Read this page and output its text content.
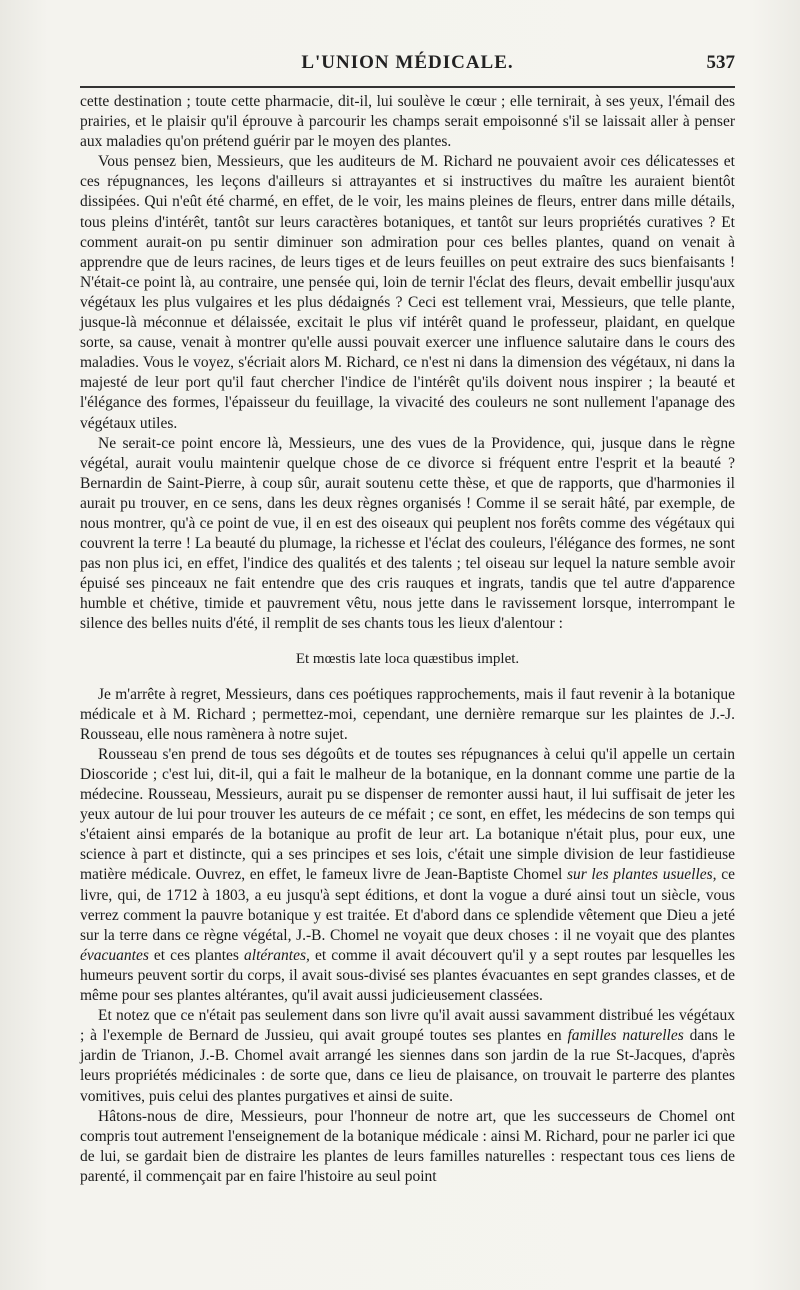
L'UNION MÉDICALE.	537

cette destination ; toute cette pharmacie, dit-il, lui soulève le cœur ; elle ternirait, à ses yeux, l'émail des prairies, et le plaisir qu'il éprouve à parcourir les champs serait empoisonné s'il se laissait aller à penser aux maladies qu'on prétend guérir par le moyen des plantes.

Vous pensez bien, Messieurs, que les auditeurs de M. Richard ne pouvaient avoir ces délicatesses et ces répugnances, les leçons d'ailleurs si attrayantes et si instructives du maître les auraient bientôt dissipées. Qui n'eût été charmé, en effet, de le voir, les mains pleines de fleurs, entrer dans mille détails, tous pleins d'intérêt, tantôt sur leurs caractères botaniques, et tantôt sur leurs propriétés curatives ? Et comment aurait-on pu sentir diminuer son admiration pour ces belles plantes, quand on venait à apprendre que de leurs racines, de leurs tiges et de leurs feuilles on peut extraire des sucs bienfaisants ! N'était-ce point là, au contraire, une pensée qui, loin de ternir l'éclat des fleurs, devait embellir jusqu'aux végétaux les plus vulgaires et les plus dédaignés ? Ceci est tellement vrai, Messieurs, que telle plante, jusque-là méconnue et délaissée, excitait le plus vif intérêt quand le professeur, plaidant, en quelque sorte, sa cause, venait à montrer qu'elle aussi pouvait exercer une influence salutaire dans le cours des maladies. Vous le voyez, s'écriait alors M. Richard, ce n'est ni dans la dimension des végétaux, ni dans la majesté de leur port qu'il faut chercher l'indice de l'intérêt qu'ils doivent nous inspirer ; la beauté et l'élégance des formes, l'épaisseur du feuillage, la vivacité des couleurs ne sont nullement l'apanage des végétaux utiles.

Ne serait-ce point encore là, Messieurs, une des vues de la Providence, qui, jusque dans le règne végétal, aurait voulu maintenir quelque chose de ce divorce si fréquent entre l'esprit et la beauté ? Bernardin de Saint-Pierre, à coup sûr, aurait soutenu cette thèse, et que de rapports, que d'harmonies il aurait pu trouver, en ce sens, dans les deux règnes organisés ! Comme il se serait hâté, par exemple, de nous montrer, qu'à ce point de vue, il en est des oiseaux qui peuplent nos forêts comme des végétaux qui couvrent la terre ! La beauté du plumage, la richesse et l'éclat des couleurs, l'élégance des formes, ne sont pas non plus ici, en effet, l'indice des qualités et des talents ; tel oiseau sur lequel la nature semble avoir épuisé ses pinceaux ne fait entendre que des cris rauques et ingrats, tandis que tel autre d'apparence humble et chétive, timide et pauvrement vêtu, nous jette dans le ravissement lorsque, interrompant le silence des belles nuits d'été, il remplit de ses chants tous les lieux d'alentour :

Et mœstis late loca quæstibus implet.

Je m'arrête à regret, Messieurs, dans ces poétiques rapprochements, mais il faut revenir à la botanique médicale et à M. Richard ; permettez-moi, cependant, une dernière remarque sur les plaintes de J.-J. Rousseau, elle nous ramènera à notre sujet.

Rousseau s'en prend de tous ses dégoûts et de toutes ses répugnances à celui qu'il appelle un certain Dioscoride ; c'est lui, dit-il, qui a fait le malheur de la botanique, en la donnant comme une partie de la médecine. Rousseau, Messieurs, aurait pu se dispenser de remonter aussi haut, il lui suffisait de jeter les yeux autour de lui pour trouver les auteurs de ce méfait ; ce sont, en effet, les médecins de son temps qui s'étaient ainsi emparés de la botanique au profit de leur art. La botanique n'était plus, pour eux, une science à part et distincte, qui a ses principes et ses lois, c'était une simple division de leur fastidieuse matière médicale. Ouvrez, en effet, le fameux livre de Jean-Baptiste Chomel sur les plantes usuelles, ce livre, qui, de 1712 à 1803, a eu jusqu'à sept éditions, et dont la vogue a duré ainsi tout un siècle, vous verrez comment la pauvre botanique y est traitée. Et d'abord dans ce splendide vêtement que Dieu a jeté sur la terre dans ce règne végétal, J.-B. Chomel ne voyait que deux choses : il ne voyait que des plantes évacuantes et ces plantes altérantes, et comme il avait découvert qu'il y a sept routes par lesquelles les humeurs peuvent sortir du corps, il avait sous-divisé ses plantes évacuantes en sept grandes classes, et de même pour ses plantes altérantes, qu'il avait aussi judicieusement classées.

Et notez que ce n'était pas seulement dans son livre qu'il avait aussi savamment distribué les végétaux ; à l'exemple de Bernard de Jussieu, qui avait groupé toutes ses plantes en familles naturelles dans le jardin de Trianon, J.-B. Chomel avait arrangé les siennes dans son jardin de la rue St-Jacques, d'après leurs propriétés médicinales : de sorte que, dans ce lieu de plaisance, on trouvait le parterre des plantes vomitives, puis celui des plantes purgatives et ainsi de suite.

Hâtons-nous de dire, Messieurs, pour l'honneur de notre art, que les successeurs de Chomel ont compris tout autrement l'enseignement de la botanique médicale : ainsi M. Richard, pour ne parler ici que de lui, se gardait bien de distraire les plantes de leurs familles naturelles : respectant tous ces liens de parenté, il commençait par en faire l'histoire au seul point
